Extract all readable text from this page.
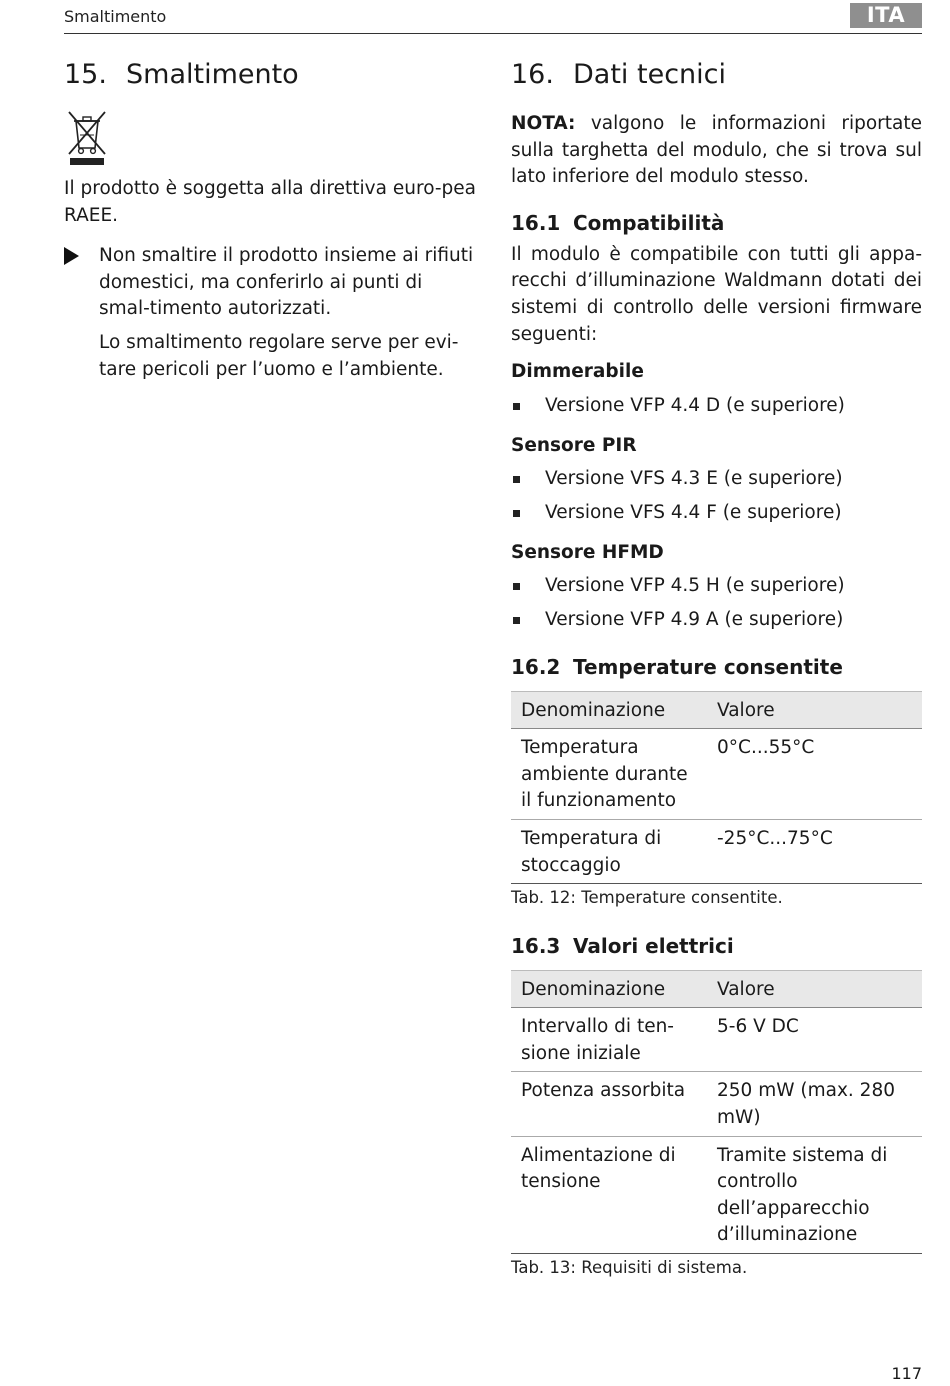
Smaltimento	ITA
15. Smaltimento

Il prodotto è soggetta alla direttiva euro-pea RAEE.

Non smaltire il prodotto insieme ai rifiuti domestici, ma conferirlo ai punti di smal-timento autorizzati.

Lo smaltimento regolare serve per evi-tare pericoli per l’uomo e l’ambiente.

16. Dati tecnici

NOTA: valgono le informazioni riportate sulla targhetta del modulo, che si trova sul lato inferiore del modulo stesso.

16.1 Compatibilità

Il modulo è compatibile con tutti gli appa-recchi d’illuminazione Waldmann dotati dei sistemi di controllo delle versioni firmware seguenti:

Dimmerabile
Versione VFP 4.4 D (e superiore)
Sensore PIR
Versione VFS 4.3 E (e superiore)
Versione VFS 4.4 F (e superiore)
Sensore HFMD
Versione VFP 4.5 H (e superiore)
Versione VFP 4.9 A (e superiore)
16.2 Temperature consentite
Denominazione	Valore
Temperatura ambiente durante il funzionamento	0°C...55°C
Temperatura di stoccaggio	-25°C...75°C
Tab. 12: Temperature consentite.
16.3 Valori elettrici
Denominazione	Valore
Intervallo di ten-sione iniziale	5-6 V DC
Potenza assorbita	250 mW (max. 280 mW)
Alimentazione di tensione	Tramite sistema di controllo dell’apparecchio d’illuminazione
Tab. 13: Requisiti di sistema.
117
